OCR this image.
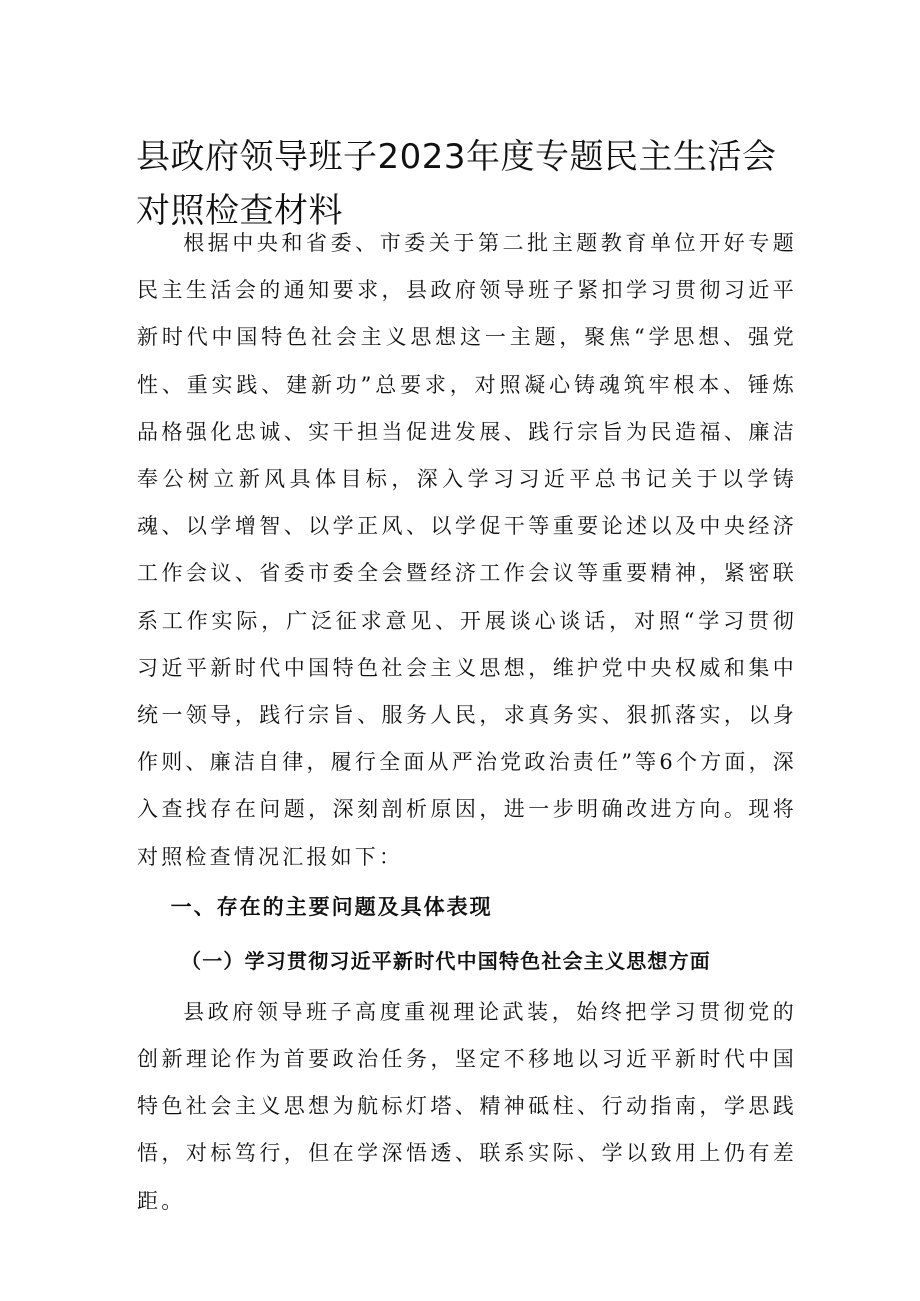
县政府领导班子2023年度专题民主生活会对照检查材料

根据中央和省委、市委关于第二批主题教育单位开好专题民主生活会的通知要求，县政府领导班子紧扣学习贯彻习近平新时代中国特色社会主义思想这一主题，聚焦“学思想、强党性、重实践、建新功”总要求，对照凝心铸魂筑牢根本、锤炼品格强化忠诚、实干担当促进发展、践行宗旨为民造福、廉洁奉公树立新风具体目标，深入学习习近平总书记关于以学铸魂、以学增智、以学正风、以学促干等重要论述以及中央经济工作会议、省委市委全会暨经济工作会议等重要精神，紧密联系工作实际，广泛征求意见、开展谈心谈话，对照“学习贯彻习近平新时代中国特色社会主义思想，维护党中央权威和集中统一领导，践行宗旨、服务人民，求真务实、狠抓落实，以身作则、廉洁自律，履行全面从严治党政治责任”等6个方面，深入查找存在问题，深刻剖析原因，进一步明确改进方向。现将对照检查情况汇报如下：

一、存在的主要问题及具体表现

（一）学习贯彻习近平新时代中国特色社会主义思想方面

县政府领导班子高度重视理论武装，始终把学习贯彻党的创新理论作为首要政治任务，坚定不移地以习近平新时代中国特色社会主义思想为航标灯塔、精神砥柱、行动指南，学思践悟，对标笃行，但在学深悟透、联系实际、学以致用上仍有差距。
